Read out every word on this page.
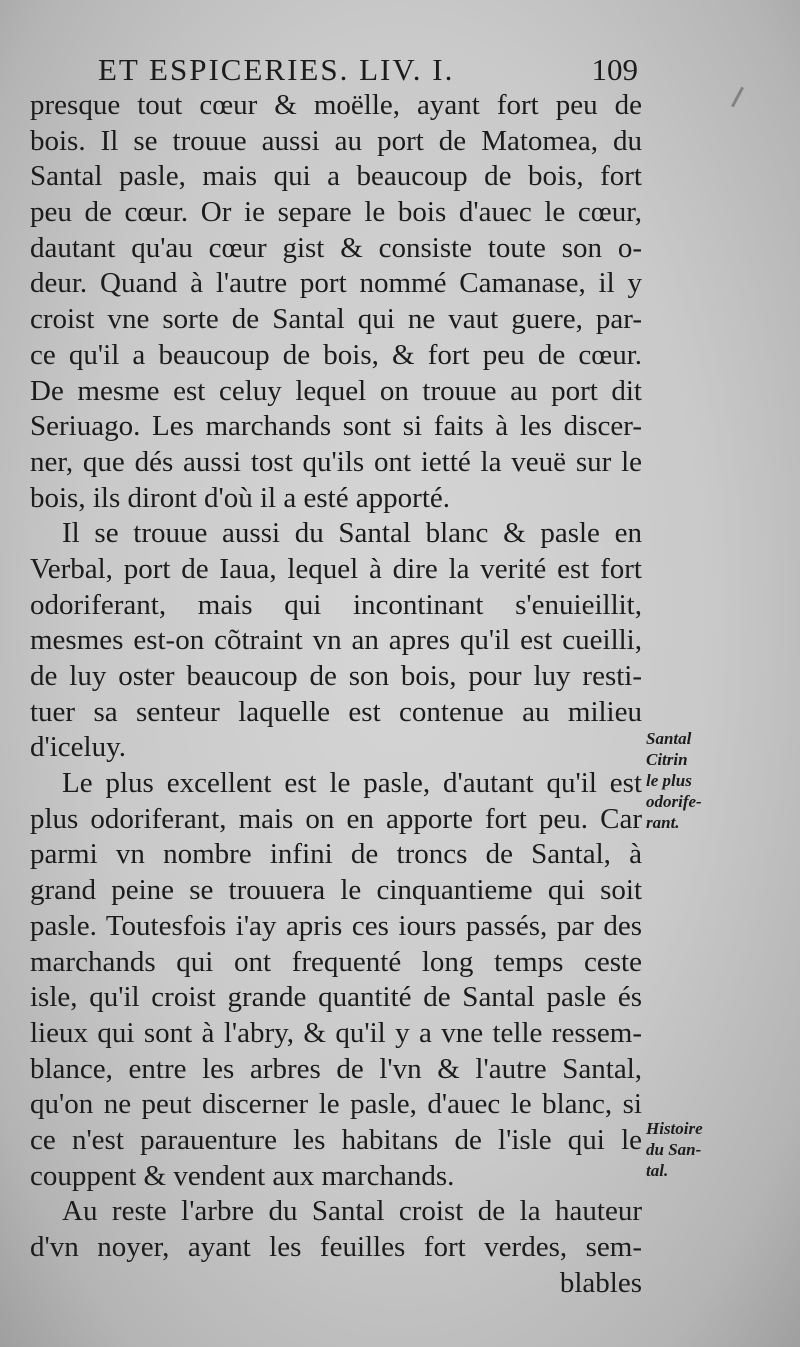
ET ESPICERIES. LIV. I.	109
presque tout cœur & moëlle, ayant fort peu de
bois. Il se trouue aussi au port de Matomea, du
Santal pasle, mais qui a beaucoup de bois, fort
peu de cœur. Or ie separe le bois d'auec le cœur,
dautant qu'au cœur gist & consiste toute son o-
deur. Quand à l'autre port nommé Camanase, il y
croist vne sorte de Santal qui ne vaut guere, par-
ce qu'il a beaucoup de bois, & fort peu de cœur.
De mesme est celuy lequel on trouue au port dit
Seriuago. Les marchands sont si faits à les discer-
ner, que dés aussi tost qu'ils ont ietté la veuë sur le
bois, ils diront d'où il a esté apporté.
Il se trouue aussi du Santal blanc & pasle en
Verbal, port de Iaua, lequel à dire la verité est fort
odoriferant, mais qui incontinant s'enuieillit,
mesmes est-on cõtraint vn an apres qu'il est cueilli,
de luy oster beaucoup de son bois, pour luy resti-
tuer sa senteur laquelle est contenue au milieu
d'iceluy.
Le plus excellent est le pasle, d'autant qu'il est
plus odoriferant, mais on en apporte fort peu. Car
parmi vn nombre infini de troncs de Santal, à
grand peine se trouuera le cinquantieme qui soit
pasle. Toutesfois i'ay apris ces iours passés, par des
marchands qui ont frequenté long temps ceste
isle, qu'il croist grande quantité de Santal pasle és
lieux qui sont à l'abry, & qu'il y a vne telle ressem-
blance, entre les arbres de l'vn & l'autre Santal,
qu'on ne peut discerner le pasle, d'auec le blanc, si
ce n'est parauenture les habitans de l'isle qui le
couppent & vendent aux marchands.
Au reste l'arbre du Santal croist de la hauteur
d'vn noyer, ayant les feuilles fort verdes, sem-
blables
Santal
Citrin
le plus
odorife-
rant.
Histoire
du San-
tal.
